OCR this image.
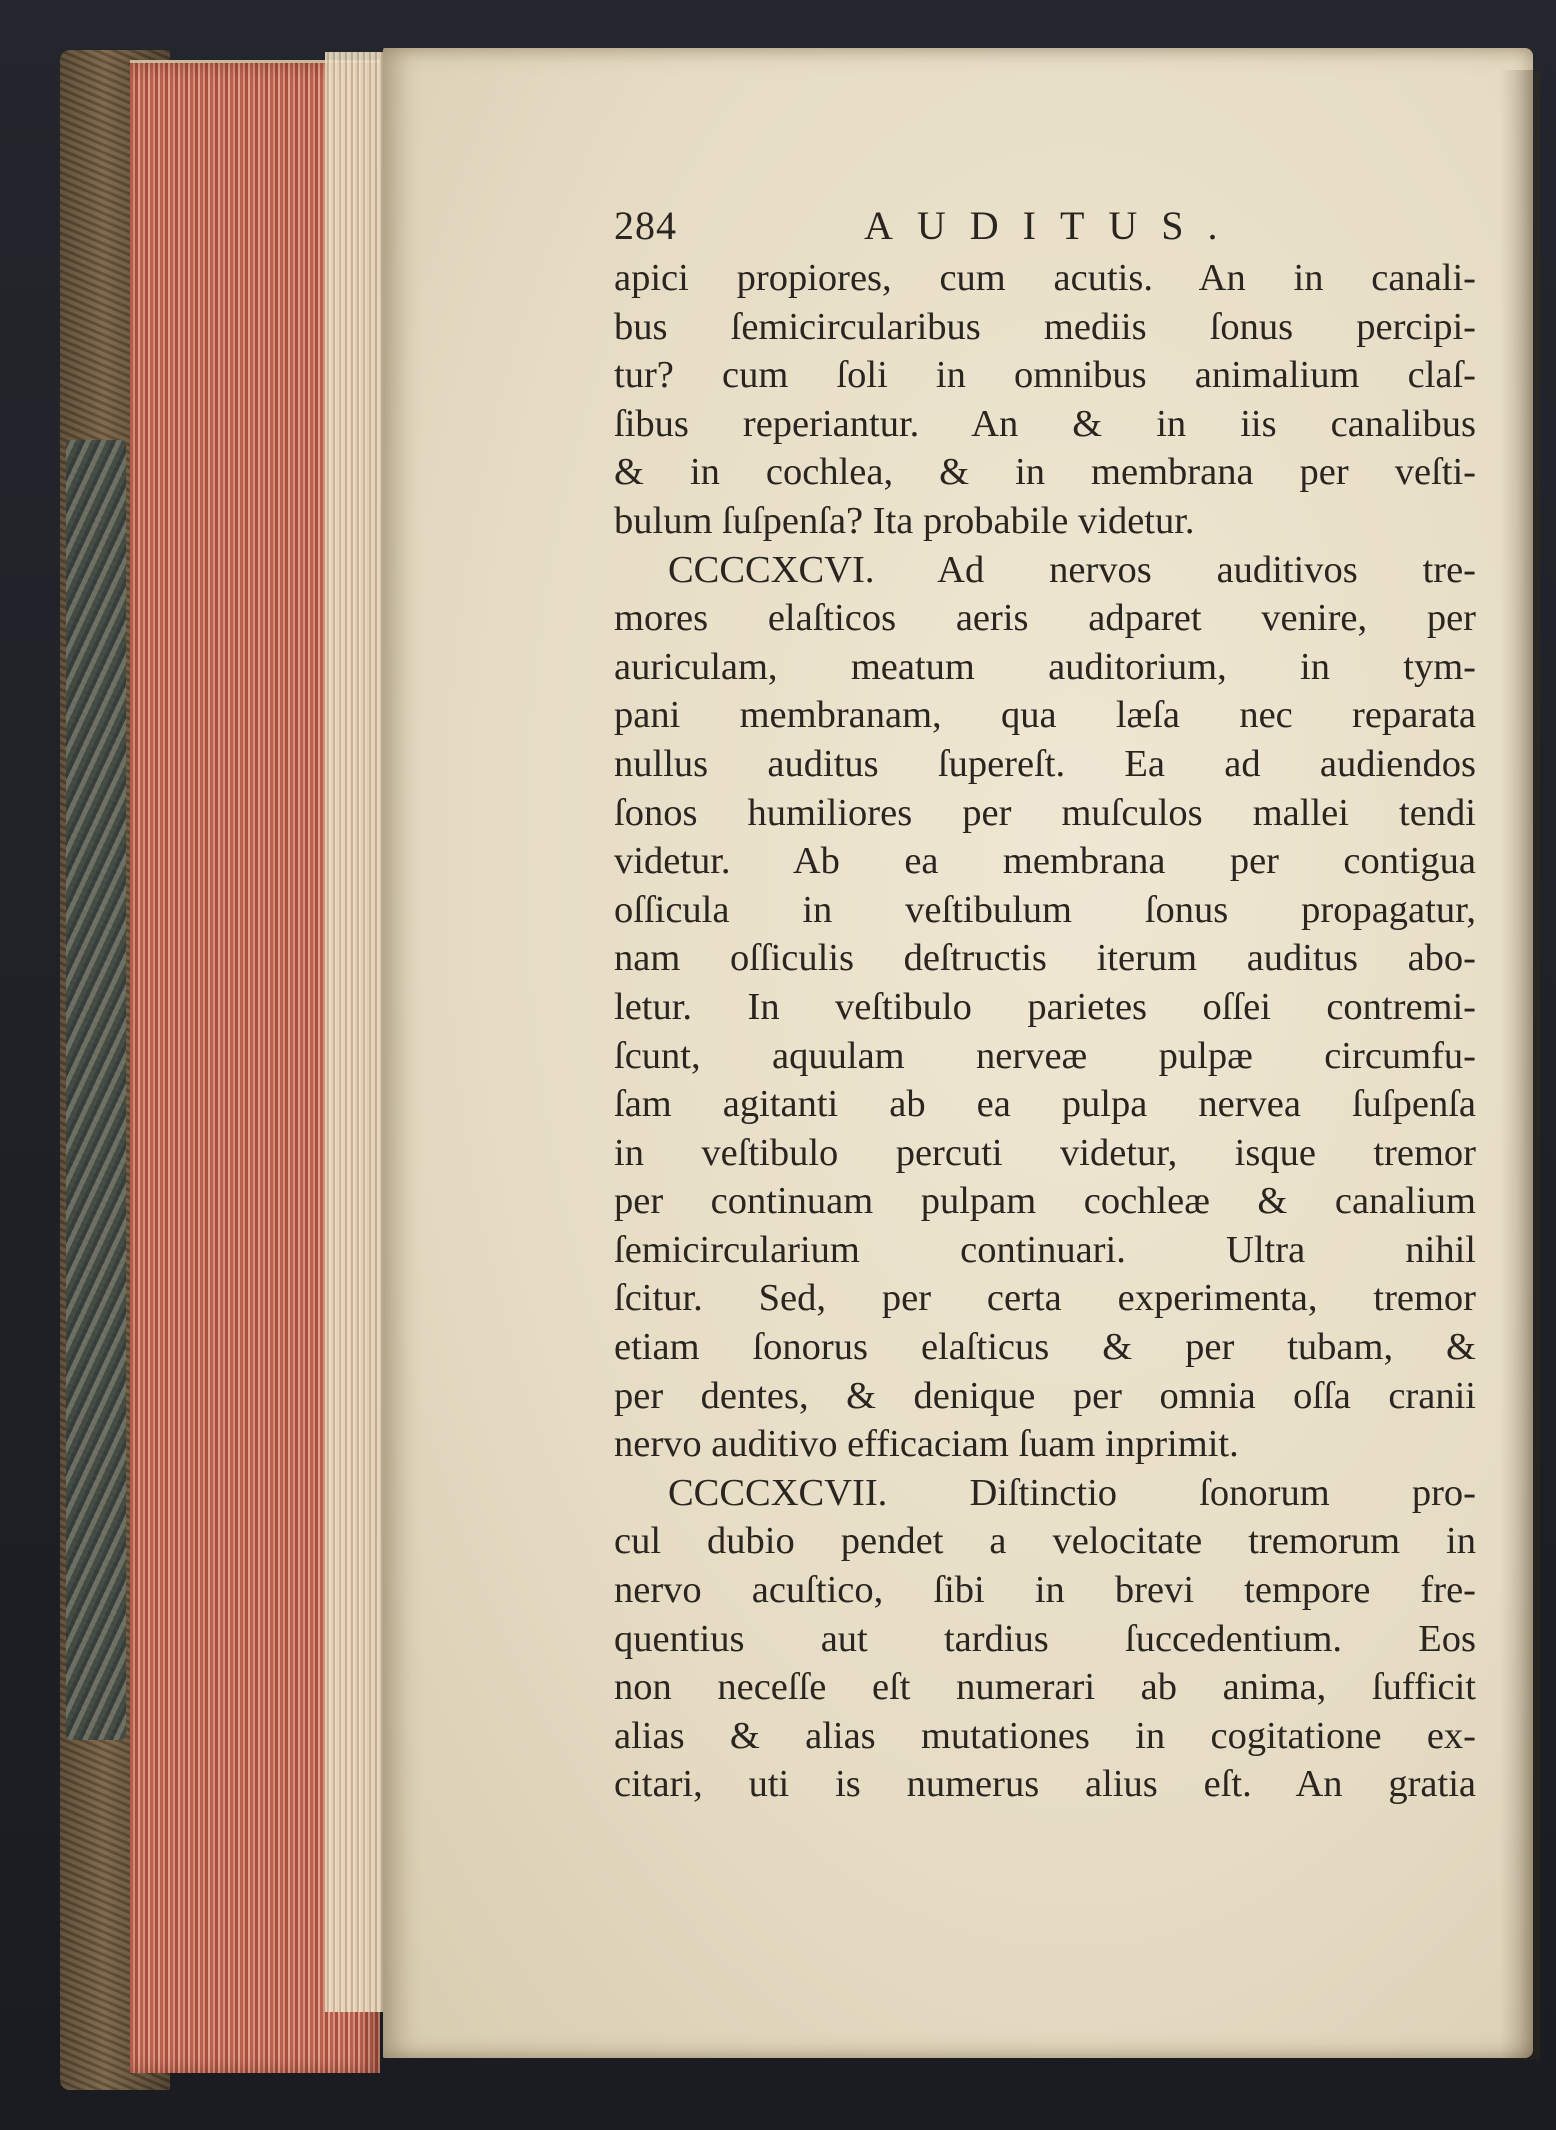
284	AUDITUS.
apici propiores, cum acutis. An in canali-
bus ſemicircularibus mediis ſonus percipi-
tur? cum ſoli in omnibus animalium claſ-
ſibus reperiantur. An & in iis canalibus
& in cochlea, & in membrana per veſti-
bulum ſuſpenſa? Ita probabile videtur.
CCCCXCVI. Ad nervos auditivos tre-
mores elaſticos aeris adparet venire, per
auriculam, meatum auditorium, in tym-
pani membranam, qua læſa nec reparata
nullus auditus ſupereſt. Ea ad audiendos
ſonos humiliores per muſculos mallei tendi
videtur. Ab ea membrana per contigua
oſſicula in veſtibulum ſonus propagatur,
nam oſſiculis deſtructis iterum auditus abo-
letur. In veſtibulo parietes oſſei contremi-
ſcunt, aquulam nerveæ pulpæ circumfu-
ſam agitanti ab ea pulpa nervea ſuſpenſa
in veſtibulo percuti videtur, isque tremor
per continuam pulpam cochleæ & canalium
ſemicircularium continuari. Ultra nihil
ſcitur. Sed, per certa experimenta, tremor
etiam ſonorus elaſticus & per tubam, &
per dentes, & denique per omnia oſſa cranii
nervo auditivo efficaciam ſuam inprimit.
CCCCXCVII. Diſtinctio ſonorum pro-
cul dubio pendet a velocitate tremorum in
nervo acuſtico, ſibi in brevi tempore fre-
quentius aut tardius ſuccedentium. Eos
non neceſſe eſt numerari ab anima, ſufficit
alias & alias mutationes in cogitatione ex-
citari, uti is numerus alius eſt. An gratia
